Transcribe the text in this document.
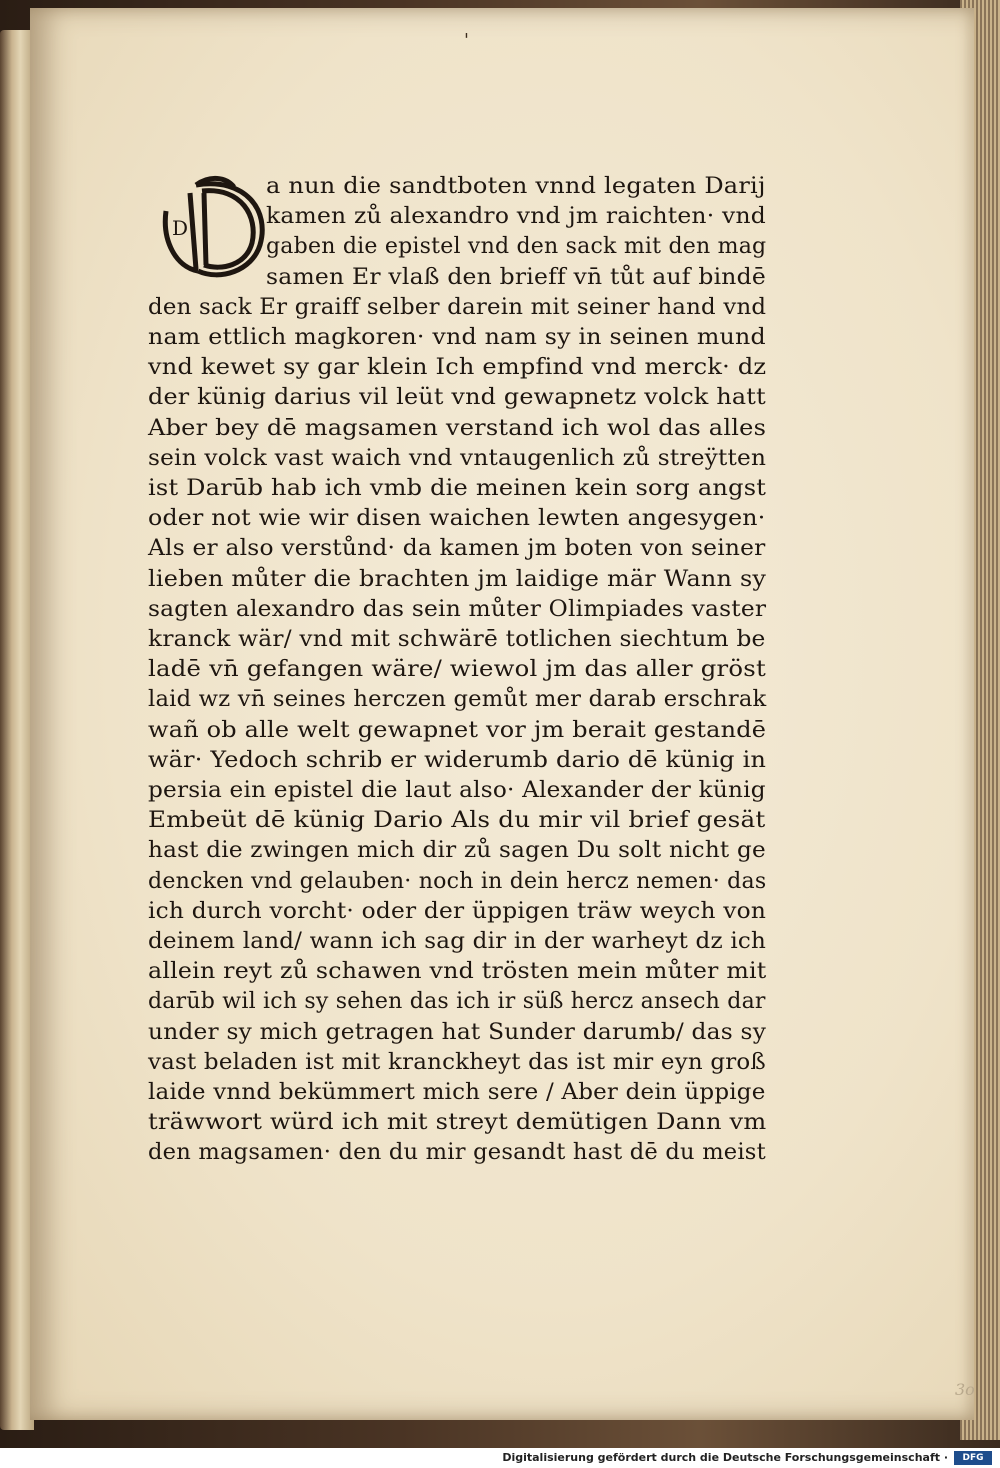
'
D
a nun die sandtboten vnnd legaten Darij
kamen zů alexandro vnd jm raichten· vnd
gaben die epistel vnd den sack mit den mag
samen Er vlaß den brieff vn̄ tůt auf bindē
den sack Er graiff selber darein mit seiner hand vnd
nam ettlich magkoren· vnd nam sy in seinen mund
vnd kewet sy gar klein Ich empfind vnd merck· dz
der künig darius vil leüt vnd gewapnetz volck hatt
Aber bey dē magsamen verstand ich wol das alles
sein volck vast waich vnd vntaugenlich zů streÿtten
ist Darūb hab ich vmb die meinen kein sorg angst
oder not wie wir disen waichen lewten angesygen·
Als er also verstůnd· da kamen jm boten von seiner
lieben můter die brachten jm laidige mär Wann sy
sagten alexandro das sein můter Olimpiades vaster
kranck wär/ vnd mit schwärē totlichen siechtum be
ladē vn̄ gefangen wäre/ wiewol jm das aller gröst
laid wz vn̄ seines herczen gemůt mer darab erschrak
wañ ob alle welt gewapnet vor jm berait gestandē
wär· Yedoch schrib er widerumb dario dē künig in
persia ein epistel die laut also· Alexander der künig
Embeüt dē künig Dario Als du mir vil brief gesät
hast die zwingen mich dir zů sagen Du solt nicht ge
dencken vnd gelauben· noch in dein hercz nemen· das
ich durch vorcht· oder der üppigen träw weych von
deinem land/ wann ich sag dir in der warheyt dz ich
allein reyt zů schawen vnd trösten mein můter mit
darūb wil ich sy sehen das ich ir süß hercz ansech dar
under sy mich getragen hat Sunder darumb/ das sy
vast beladen ist mit kranckheyt das ist mir eyn groß
laide vnnd bekümmert mich sere / Aber dein üppige
träwwort würd ich mit streyt demütigen Dann vm
den magsamen· den du mir gesandt hast dē du meist
3o
Digitalisierung gefördert durch die Deutsche Forschungsgemeinschaft ·	DFG
